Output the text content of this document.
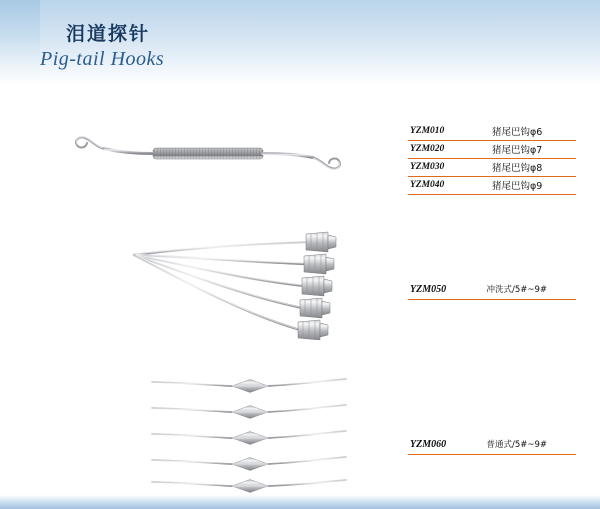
泪道探针
Pig-tail Hooks
YZM010	猪尾巴钩φ6
YZM020	猪尾巴钩φ7
YZM030	猪尾巴钩φ8
YZM040	猪尾巴钩φ9
YZM050	冲洗式/5#~9#
YZM060	普通式/5#~9#
